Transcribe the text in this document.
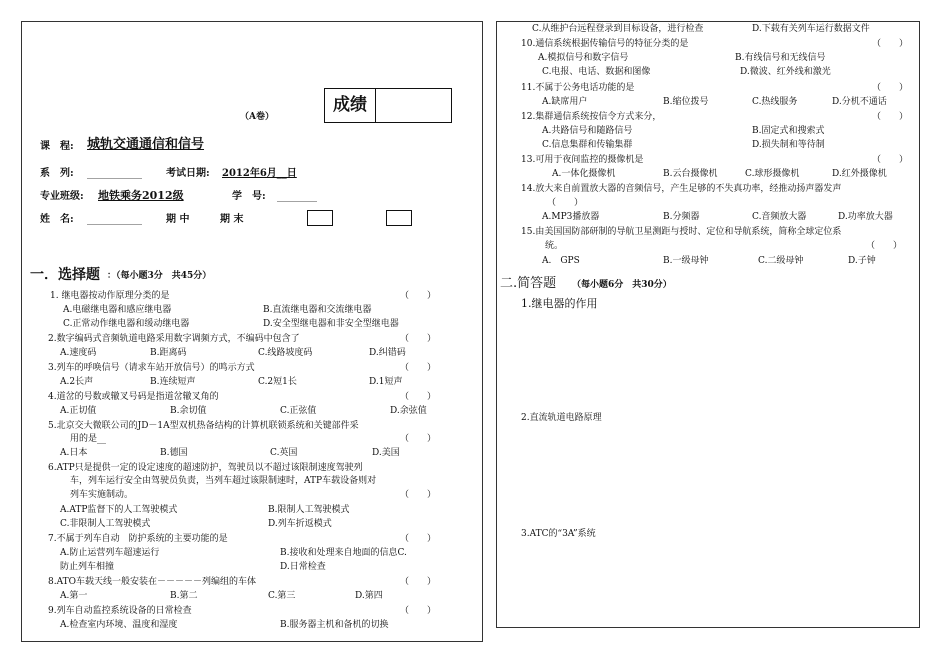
（A卷）
成绩
课　程: 城轨交通通信和信号
系　列: ___________ 考试日期: 2012年6月__日
专业班级: 地铁乘务2012级	学　号: ________
姓　名: ___________ 期 中	期 末
一．选择题 ：（每小题3分　共45分）
1. 继电器按动作原理分类的是	（　　）
A.电磁继电器和感应继电器	B.直流继电器和交流继电器
C.正常动作继电器和缓动继电器	D.安全型继电器和非安全型继电器
2.数字编码式音频轨道电路采用数字调频方式，不编码中包含了	（　　）
A.速度码	B.距离码	C.线路坡度码	D.纠错码
3.列车的呼唤信号（请求车站开放信号）的鸣示方式	（　　）
A.2长声	B.连续短声	C.2短1长	D.1短声
4.道岔的号数或辙叉号码是指道岔辙叉角的	（　　）
A.正切值	B.余切值	C.正弦值	D.余弦值
5.北京交大微联公司的JD－1A型双机热备结构的计算机联锁系统和关键部件采
用的是__	（　　）
A.日本	B.德国	C.英国	D.美国
6.ATP只是提供一定的设定速度的超速防护，驾驶员以不超过该限制速度驾驶列
车，列车运行安全由驾驶员负责，当列车超过该限制速时，ATP车载设备则对
列车实施制动。	（　　）
A.ATP监督下的人工驾驶模式	B.限制人工驾驶模式
C.非限制人工驾驶模式	D.列车折返模式
7.不属于列车自动　防护系统的主要功能的是	（　　）
A.防止运营列车超速运行	B.接收和处理来自地面的信息C.
防止列车相撞	D.日常检查
8.ATO车载天线一般安装在－－－－－列编组的车体	（　　）
A.第一	B.第二	C.第三	D.第四
9.列车自动监控系统设备的日常检查	（　　）
A.检查室内环境、温度和湿度	B.服务器主机和备机的切换
C.从维护台远程登录到目标设备，进行检查	D.下载有关列车运行数据文件
10.通信系统根据传输信号的特征分类的是	（　　）
A.模拟信号和数字信号	B.有线信号和无线信号
C.电报、电话、数据和图像	D.微波、红外线和激光
11.不属于公务电话功能的是	（　　）
A.缺席用户	B.缩位拨号	C.热线服务	D.分机不通话
12.集群通信系统按信令方式来分，	（　　）
A.共路信号和随路信号	B.固定式和搜索式
C.信息集群和传输集群	D.损失制和等待制
13.可用于夜间监控的摄像机是	（　　）
A.一体化摄像机	B.云台摄像机	C.球形摄像机	D.红外摄像机
14.放大来自前置放大器的音频信号，产生足够的不失真功率，经推动扬声器发声
（　　）
A.MP3播放器	B.分频器	C.音频放大器	D.功率放大器
15.由美国国防部研制的导航卫星测距与授时、定位和导航系统，简称全球定位系
统。	（　　）
A.　GPS	B.一级母钟	C.二级母钟	D.子钟
二.简答题 （每小题6分　共30分）
1.继电器的作用
2.直流轨道电路原理
3.ATC的“3A”系统
